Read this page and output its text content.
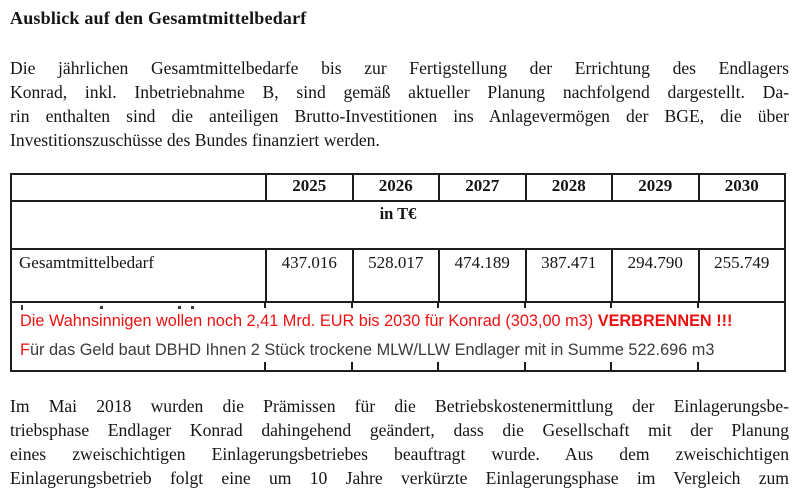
Ausblick auf den Gesamtmittelbedarf
Die jährlichen Gesamtmittelbedarfe bis zur Fertigstellung der Errichtung des Endlagers
Konrad, inkl. Inbetriebnahme B, sind gemäß aktueller Planung nachfolgend dargestellt. Da-
rin enthalten sind die anteiligen Brutto-Investitionen ins Anlagevermögen der BGE, die über
Investitionszuschüsse des Bundes finanziert werden.
	2025	2026	2027	2028	2029	2030
in T€						
Gesamtmittelbedarf	437.016	528.017	474.189	387.471	294.790	255.749

Die Wahnsinnigen wollen noch 2,41 Mrd. EUR bis 2030 für Konrad (303,00 m3) VERBRENNEN !!!
Für das Geld baut DBHD Ihnen 2 Stück trockene MLW/LLW Endlager mit in Summe 522.696 m3						
Im Mai 2018 wurden die Prämissen für die Betriebskostenermittlung der Einlagerungsbe-
triebsphase Endlager Konrad dahingehend geändert, dass die Gesellschaft mit der Planung
eines zweischichtigen Einlagerungsbetriebes beauftragt wurde. Aus dem zweischichtigen
Einlagerungsbetrieb folgt eine um 10 Jahre verkürzte Einlagerungsphase im Vergleich zum
